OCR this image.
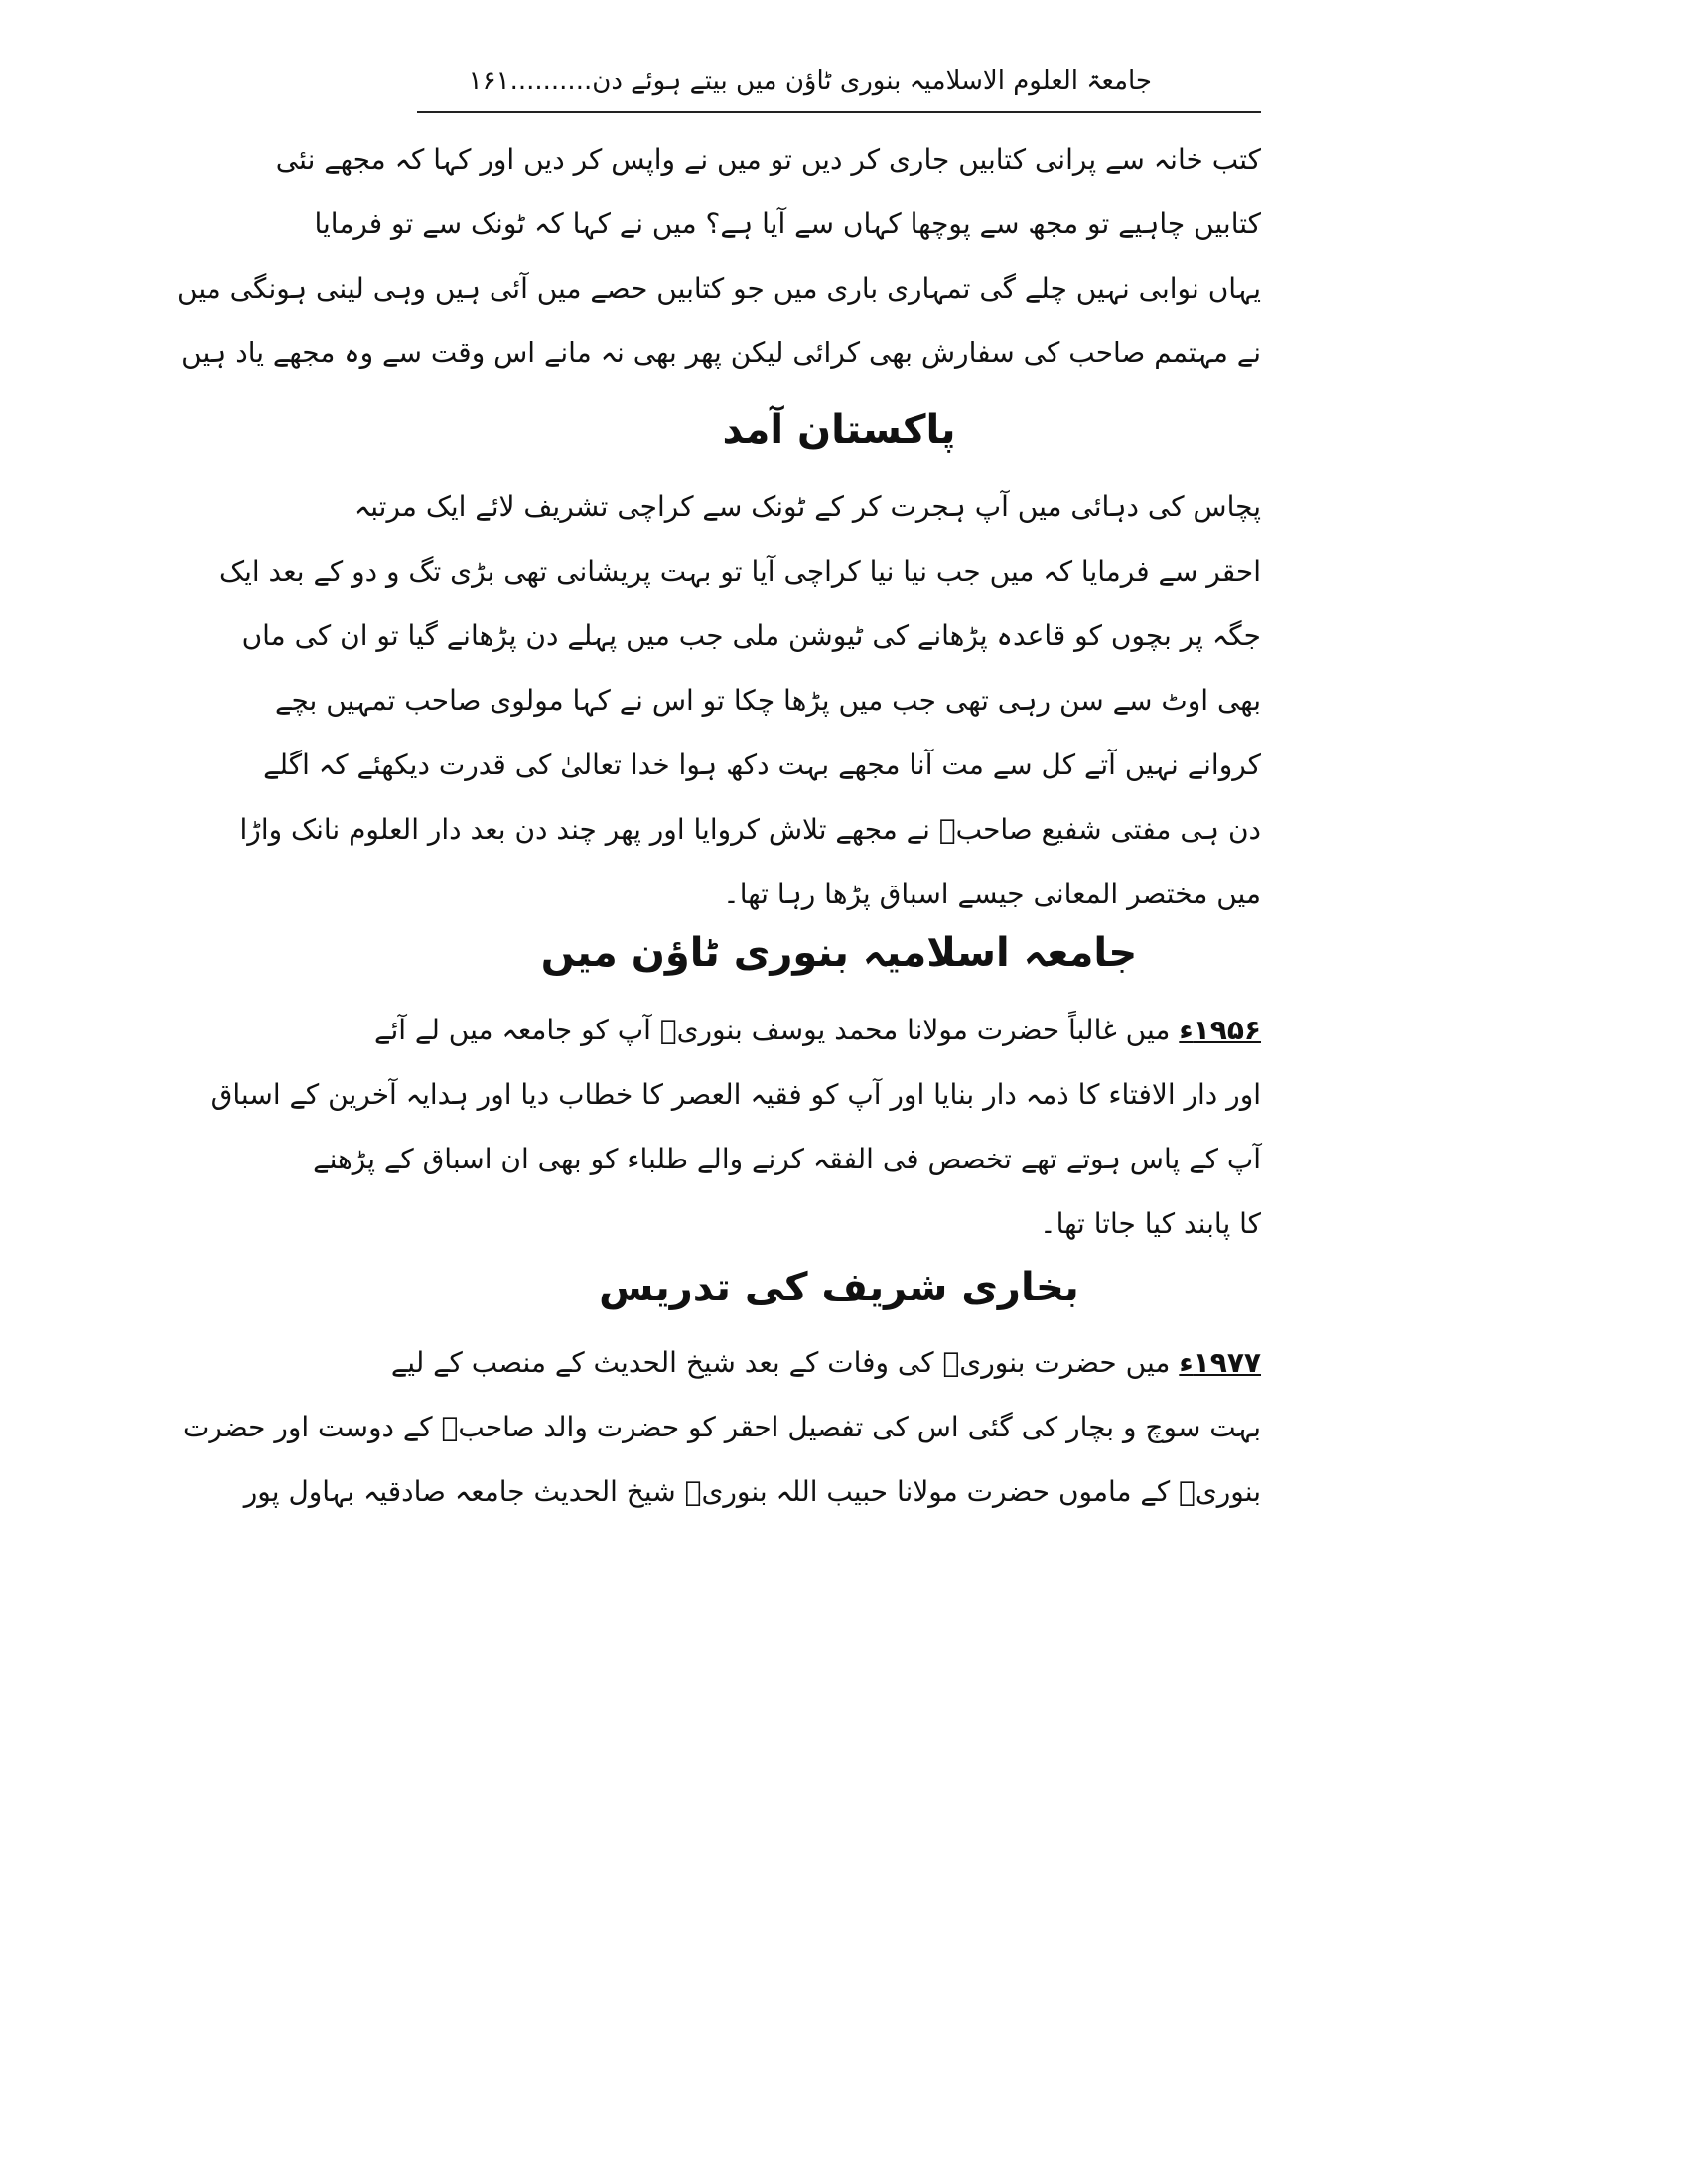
جامعۃ العلوم الاسلامیہ بنوری ٹاؤن میں بیتے ہوئے دن..........۱۶۱
کتب خانہ سے پرانی کتابیں جاری کر دیں تو میں نے واپس کر دیں اور کہا کہ مجھے نئی
کتابیں چاہیے تو مجھ سے پوچھا کہاں سے آیا ہے؟ میں نے کہا کہ ٹونک سے تو فرمایا
یہاں نوابی نہیں چلے گی تمہاری باری میں جو کتابیں حصے میں آئی ہیں وہی لینی ہونگی میں
نے مہتمم صاحب کی سفارش بھی کرائی لیکن پھر بھی نہ مانے اس وقت سے وہ مجھے یاد ہیں
پاکستان آمد
پچاس کی دہائی میں آپ ہجرت کر کے ٹونک سے کراچی تشریف لائے ایک مرتبہ
احقر سے فرمایا کہ میں جب نیا نیا کراچی آیا تو بہت پریشانی تھی بڑی تگ و دو کے بعد ایک
جگہ پر بچوں کو قاعدہ پڑھانے کی ٹیوشن ملی جب میں پہلے دن پڑھانے گیا تو ان کی ماں
بھی اوٹ سے سن رہی تھی جب میں پڑھا چکا تو اس نے کہا مولوی صاحب تمہیں بچے
کروانے نہیں آتے کل سے مت آنا مجھے بہت دکھ ہوا خدا تعالیٰ کی قدرت دیکھئے کہ اگلے
دن ہی مفتی شفیع صاحبؒ نے مجھے تلاش کروایا اور پھر چند دن بعد دار العلوم نانک واڑا
میں مختصر المعانی جیسے اسباق پڑھا رہا تھا۔
جامعہ اسلامیہ بنوری ٹاؤن میں
۱۹۵۶ء میں غالباً حضرت مولانا محمد یوسف بنوریؒ آپ کو جامعہ میں لے آئے
اور دار الافتاء کا ذمہ دار بنایا اور آپ کو فقیہ العصر کا خطاب دیا اور ہدایہ آخرین کے اسباق
آپ کے پاس ہوتے تھے تخصص فی الفقہ کرنے والے طلباء کو بھی ان اسباق کے پڑھنے
کا پابند کیا جاتا تھا۔
بخاری شریف کی تدریس
۱۹۷۷ء میں حضرت بنوریؒ کی وفات کے بعد شیخ الحدیث کے منصب کے لیے
بہت سوچ و بچار کی گئی اس کی تفصیل احقر کو حضرت والد صاحبؒ کے دوست اور حضرت
بنوریؒ کے ماموں حضرت مولانا حبیب اللہ بنوریؒ شیخ الحدیث جامعہ صادقیہ بہاول پور
